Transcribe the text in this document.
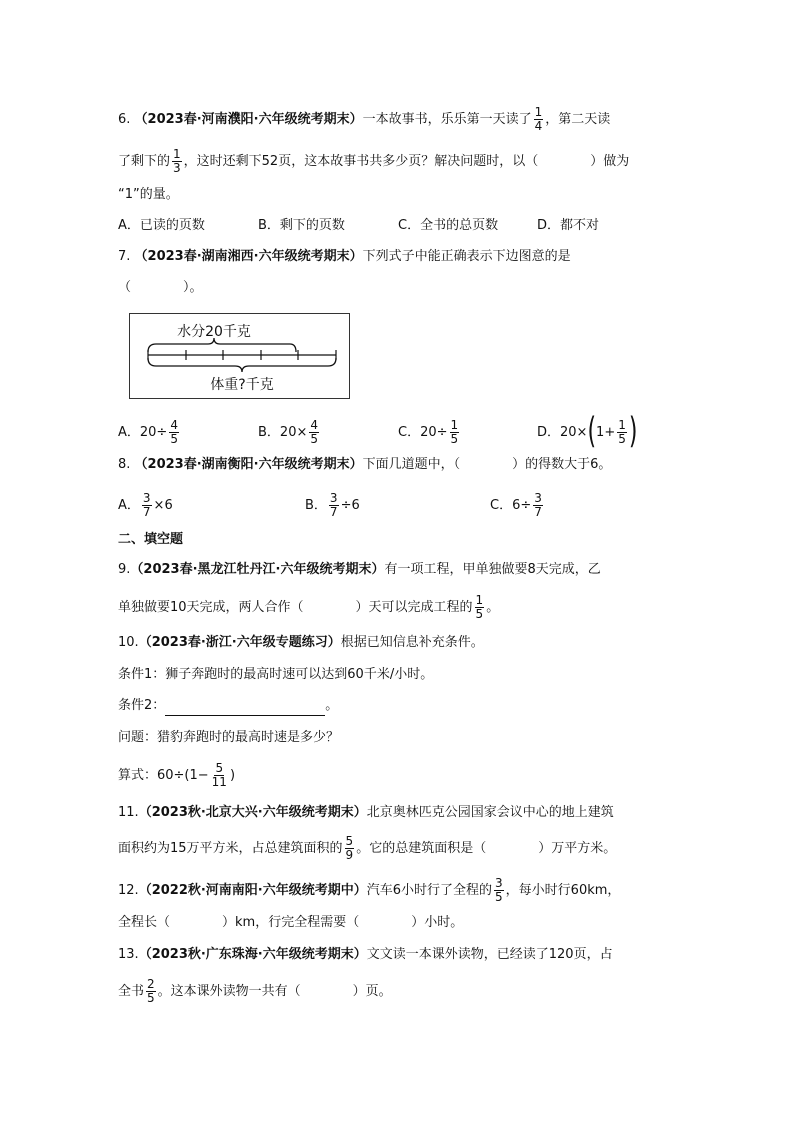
6. （2023春·河南濮阳·六年级统考期末）一本故事书，乐乐第一天读了 $\frac{1}{4}$ ，第二天读
了剩下的 $\frac{1}{3}$ ，这时还剩下52页，这本故事书共多少页？解决问题时，以（　　　　）做为
“1”的量。
A．已读的页数	B．剩下的页数	C．全书的总页数	D．都不对
7. （2023春·湖南湘西·六年级统考期末）下列式子中能正确表示下边图意的是
（　　　　）。
水分20千克
体重?千克
A．$20\div \frac{4}{5}$	B．$20\times \frac{4}{5}$	C．$20\div \frac{1}{5}$	D．$20\times(1+ \frac{1}{5}$ )
8. （2023春·湖南衡阳·六年级统考期末）下面几道题中，（　　　　）的得数大于6。
A． $\frac{3}{7} \times 6$	B． $\frac{3}{7} \div 6$	C．$6\div \frac{3}{7}$
二、填空题
9.（2023春·黑龙江牡丹江·六年级统考期末）有一项工程，甲单独做要8天完成，乙
单独做要10天完成，两人合作（　　　　）天可以完成工程的 $\frac{1}{5}$ 。
10.（2023春·浙江·六年级专题练习）根据已知信息补充条件。
条件1：狮子奔跑时的最高时速可以达到60千米/小时。
条件2：	。
问题：猎豹奔跑时的最高时速是多少？
算式：$60\div(1- \frac{5}{11}$ )
11.（2023秋·北京大兴·六年级统考期末）北京奥林匹克公园国家会议中心的地上建筑
面积约为15万平方米，占总建筑面积的 $\frac{5}{9}$ 。它的总建筑面积是（　　　　）万平方米。
12.（2022秋·河南南阳·六年级统考期中）汽车6小时行了全程的 $\frac{3}{5}$ ，每小时行60km，
全程长（　　　　）km，行完全程需要（　　　　）小时。
13.（2023秋·广东珠海·六年级统考期末）文文读一本课外读物，已经读了120页，占
全书 $\frac{2}{5}$ 。这本课外读物一共有（　　　　）页。
